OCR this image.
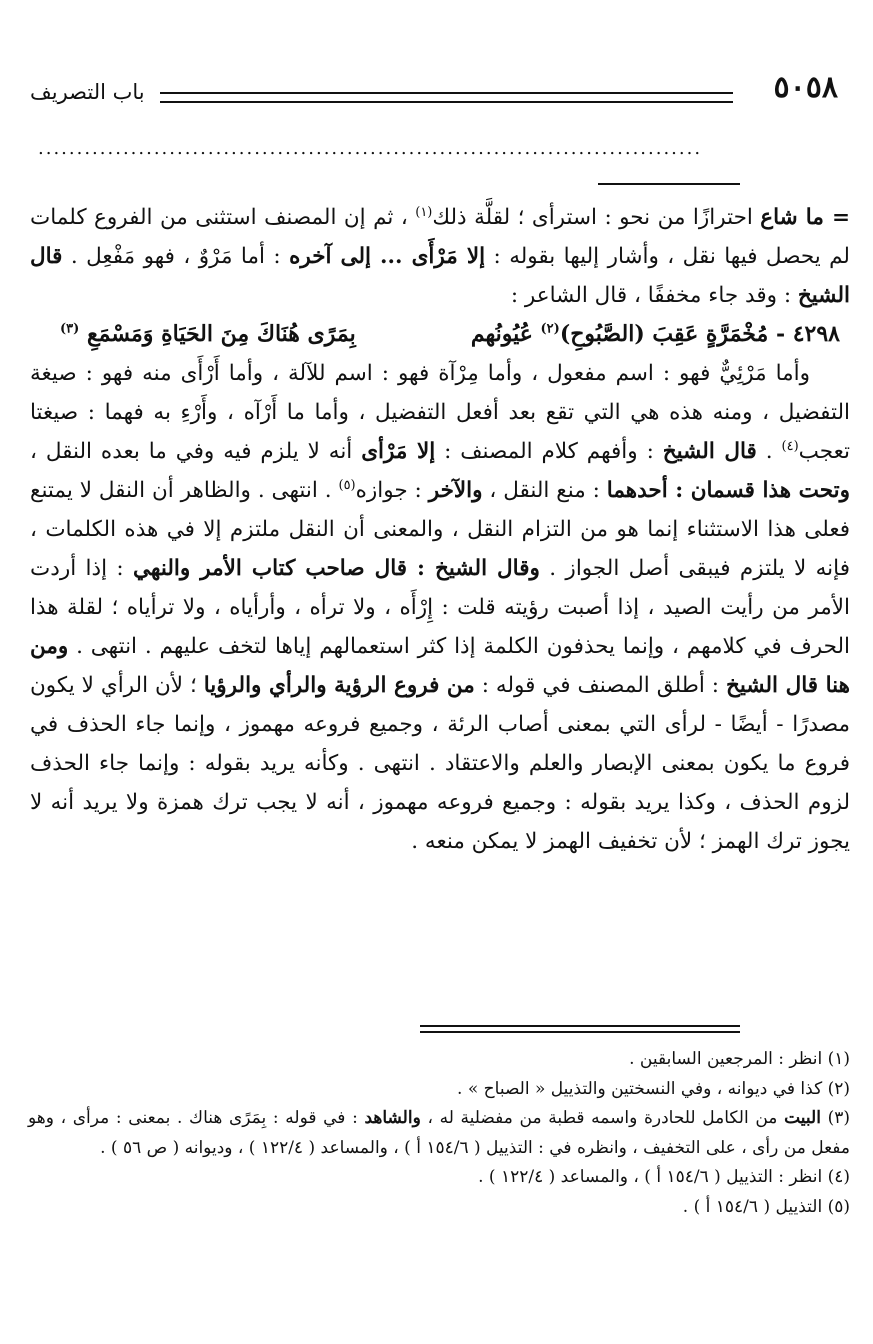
٥٠٥٨
باب التصريف
......................................................................................

= ما شاع احترازًا من نحو : استرأى ؛ لقلَّة ذلك$^{(١)}$ ، ثم إن المصنف استثنى من الفروع كلمات لم يحصل فيها نقل ، وأشار إليها بقوله : إلا مَرْأَى ... إلى آخره : أما مَرْوٌ ، فهو مَفْعِل . قال الشيخ : وقد جاء مخففًا ، قال الشاعر :

٤٢٩٨ - مُخْمَرَّةٍ عَقِبَ (الصَّبُوحِ)$^{(٢)}$ عُيُونُهم
بِمَرًى هُنَاكَ مِنَ الحَيَاةِ وَمَسْمَعِ $^{(٣)}$

وأما مَرْئِيٌّ فهو : اسم مفعول ، وأما مِرْآة فهو : اسم للآلة ، وأما أَرْأَى منه فهو : صيغة التفضيل ، ومنه هذه هي التي تقع بعد أفعل التفضيل ، وأما ما أَرْآه ، وأَرْءِ به فهما : صيغتا تعجب$^{(٤)}$ . قال الشيخ : وأفهم كلام المصنف : إلا مَرْأى أنه لا يلزم فيه وفي ما بعده النقل ، وتحت هذا قسمان : أحدهما : منع النقل ، والآخر : جوازه$^{(٥)}$ . انتهى . والظاهر أن النقل لا يمتنع فعلى هذا الاستثناء إنما هو من التزام النقل ، والمعنى أن النقل ملتزم إلا في هذه الكلمات ، فإنه لا يلتزم فيبقى أصل الجواز . وقال الشيخ : قال صاحب كتاب الأمر والنهي : إذا أردت الأمر من رأيت الصيد ، إذا أصبت رؤيته قلت : إِرْأَه ، ولا ترأه ، وأرأياه ، ولا ترأياه ؛ لقلة هذا الحرف في كلامهم ، وإنما يحذفون الكلمة إذا كثر استعمالهم إياها لتخف عليهم . انتهى . ومن هنا قال الشيخ : أطلق المصنف في قوله : من فروع الرؤية والرأي والرؤيا ؛ لأن الرأي لا يكون مصدرًا - أيضًا - لرأى التي بمعنى أصاب الرئة ، وجميع فروعه مهموز ، وإنما جاء الحذف في فروع ما يكون بمعنى الإبصار والعلم والاعتقاد . انتهى . وكأنه يريد بقوله : وإنما جاء الحذف لزوم الحذف ، وكذا يريد بقوله : وجميع فروعه مهموز ، أنه لا يجب ترك همزة ولا يريد أنه لا يجوز ترك الهمز ؛ لأن تخفيف الهمز لا يمكن منعه .

(١) انظر : المرجعين السابقين .

(٢) كذا في ديوانه ، وفي النسختين والتذييل « الصباح » .

(٣) البيت من الكامل للحادرة واسمه قطبة من مفضلية له ، والشاهد : في قوله : بِمَرًى هناك . بمعنى : مرأى ، وهو مفعل من رأى ، على التخفيف ، وانظره في : التذييل ( ١٥٤/٦ أ ) ، والمساعد ( ١٢٢/٤ ) ، وديوانه ( ص ٥٦ ) .

(٤) انظر : التذييل ( ١٥٤/٦ أ ) ، والمساعد ( ١٢٢/٤ ) .

(٥) التذييل ( ١٥٤/٦ أ ) .
